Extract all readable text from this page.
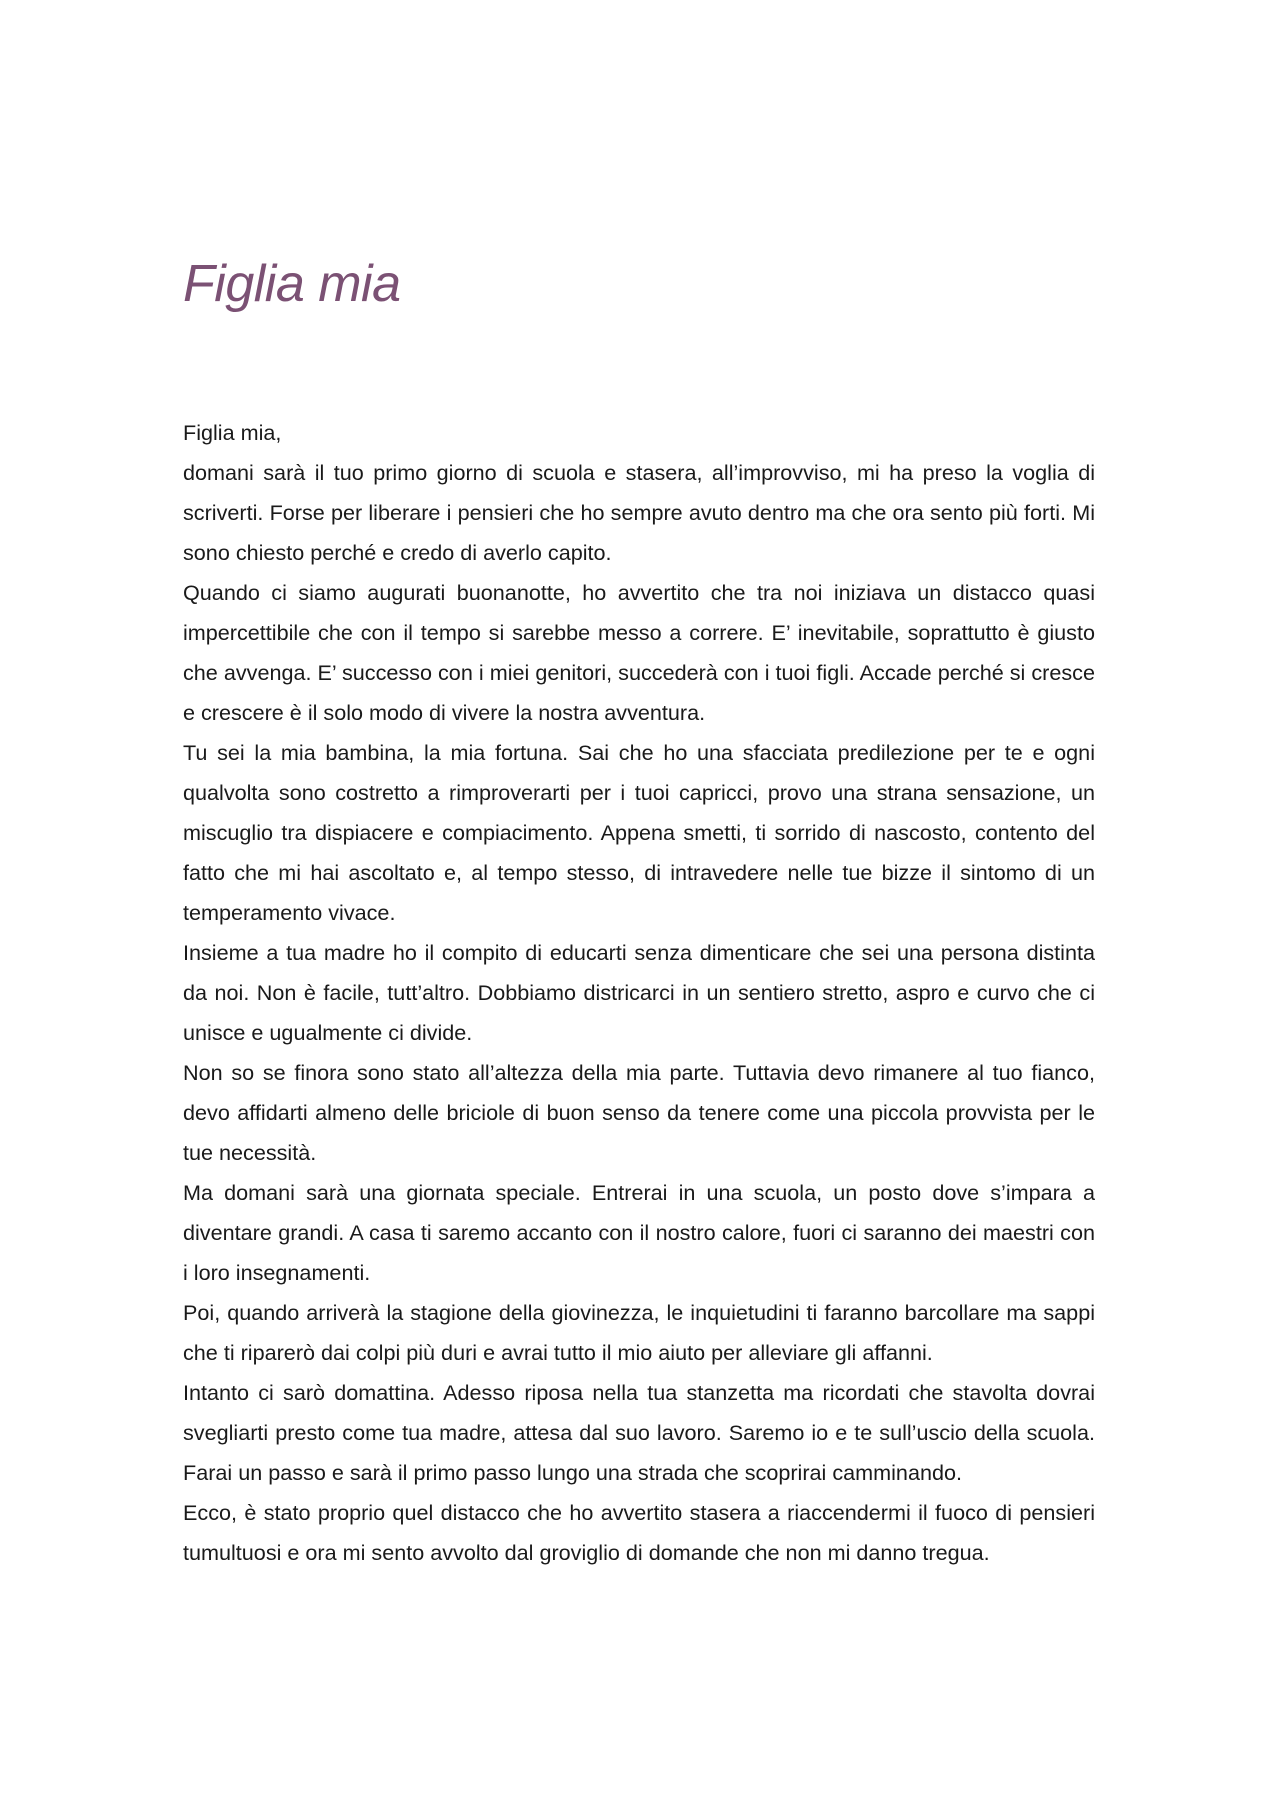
Figlia mia

Figlia mia,

domani sarà il tuo primo giorno di scuola e stasera, all’improvviso, mi ha preso la voglia di scriverti. Forse per liberare i pensieri che ho sempre avuto dentro ma che ora sento più forti. Mi sono chiesto perché e credo di averlo capito.

Quando ci siamo augurati buonanotte, ho avvertito che tra noi iniziava un distacco quasi impercettibile che con il tempo si sarebbe messo a correre. E’ inevitabile, soprattutto è giusto che avvenga. E’ successo con i miei genitori, succederà con i tuoi figli. Accade perché si cresce e crescere è il solo modo di vivere la nostra avventura.

Tu sei la mia bambina, la mia fortuna. Sai che ho una sfacciata predilezione per te e ogni qualvolta sono costretto a rimproverarti per i tuoi capricci, provo una strana sensazione, un miscuglio tra dispiacere e compiacimento. Appena smetti, ti sorrido di nascosto, contento del fatto che mi hai ascoltato e, al tempo stesso, di intravedere nelle tue bizze il sintomo di un temperamento vivace.

Insieme a tua madre ho il compito di educarti senza dimenticare che sei una persona distinta da noi. Non è facile, tutt’altro. Dobbiamo districarci in un sentiero stretto, aspro e curvo che ci unisce e ugualmente ci divide.

Non so se finora sono stato all’altezza della mia parte. Tuttavia devo rimanere al tuo fianco, devo affidarti almeno delle briciole di buon senso da tenere come una piccola provvista per le tue necessità.

Ma domani sarà una giornata speciale. Entrerai in una scuola, un posto dove s’impara a diventare grandi. A casa ti saremo accanto con il nostro calore, fuori ci saranno dei maestri con i loro insegnamenti.

Poi, quando arriverà la stagione della giovinezza, le inquietudini ti faranno barcollare ma sappi che ti riparerò dai colpi più duri e avrai tutto il mio aiuto per alleviare gli affanni.

Intanto ci sarò domattina. Adesso riposa nella tua stanzetta ma ricordati che stavolta dovrai svegliarti presto come tua madre, attesa dal suo lavoro. Saremo io e te sull’uscio della scuola. Farai un passo e sarà il primo passo lungo una strada che scoprirai camminando.

Ecco, è stato proprio quel distacco che ho avvertito stasera a riaccendermi il fuoco di pensieri tumultuosi e ora mi sento avvolto dal groviglio di domande che non mi danno tregua.
